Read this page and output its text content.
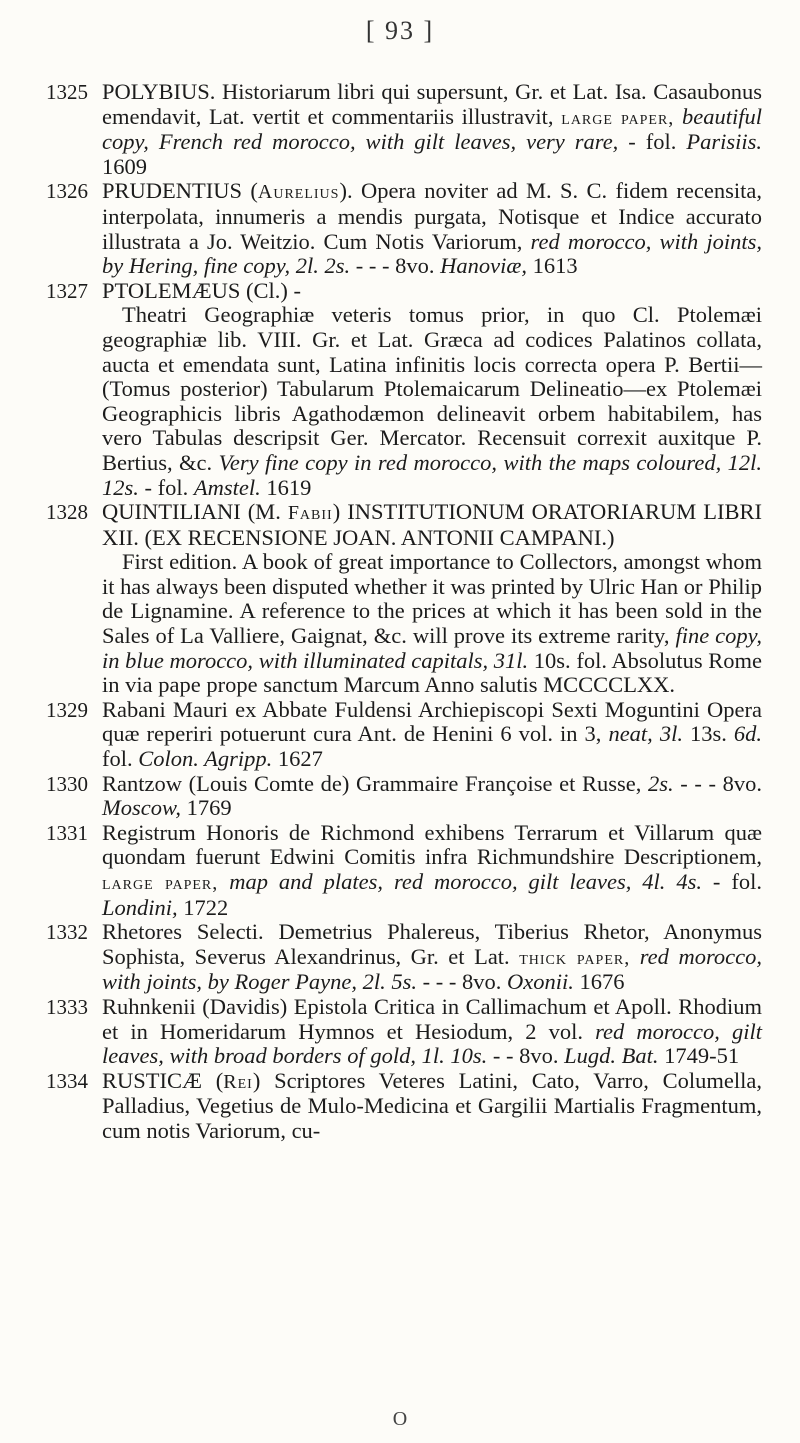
[ 93 ]
1325 POLYBIUS. Historiarum libri qui supersunt, Gr. et Lat. Isa. Casaubonus emendavit, Lat. vertit et commentariis illustravit, large paper, beautiful copy, French red morocco, with gilt leaves, very rare, - fol. Parisiis. 1609
1326 PRUDENTIUS (Aurelius). Opera noviter ad M. S. C. fidem recensita, interpolata, innumeris a mendis purgata, Notisque et Indice accurato illustrata a Jo. Weitzio. Cum Notis Variorum, red morocco, with joints, by Hering, fine copy, 2l. 2s. - - - 8vo. Hanoviæ, 1613
1327 PTOLEMÆUS (Cl.) -
Theatri Geographiæ veteris tomus prior, in quo Cl. Ptolemæi geographiæ lib. VIII. Gr. et Lat. Græca ad codices Palatinos collata, aucta et emendata sunt, Latina infinitis locis correcta opera P. Bertii—(Tomus posterior) Tabularum Ptolemaicarum Delineatio—ex Ptolemæi Geographicis libris Agathodæmon delineavit orbem habitabilem, has vero Tabulas descripsit Ger. Mercator. Recensuit correxit auxitque P. Bertius, &c. Very fine copy in red morocco, with the maps coloured, 12l. 12s. - fol. Amstel. 1619
1328 QUINTILIANI (M. Fabii) INSTITUTIONUM ORATORIARUM LIBRI XII. (EX RECENSIONE JOAN. ANTONII CAMPANI.)
First edition. A book of great importance to Collectors, amongst whom it has always been disputed whether it was printed by Ulric Han or Philip de Lignamine. A reference to the prices at which it has been sold in the Sales of La Valliere, Gaignat, &c. will prove its extreme rarity, fine copy, in blue morocco, with illuminated capitals, 31l. 10s. fol. Absolutus Rome in via pape prope sanctum Marcum Anno salutis MCCCCLXX.
1329 Rabani Mauri ex Abbate Fuldensi Archiepiscopi Sexti Moguntini Opera quæ reperiri potuerunt cura Ant. de Henini 6 vol. in 3, neat, 3l. 13s. 6d. fol. Colon. Agripp. 1627
1330 Rantzow (Louis Comte de) Grammaire Françoise et Russe, 2s. - - - 8vo. Moscow, 1769
1331 Registrum Honoris de Richmond exhibens Terrarum et Villarum quæ quondam fuerunt Edwini Comitis infra Richmundshire Descriptionem, large paper, map and plates, red morocco, gilt leaves, 4l. 4s. - fol. Londini, 1722
1332 Rhetores Selecti. Demetrius Phalereus, Tiberius Rhetor, Anonymus Sophista, Severus Alexandrinus, Gr. et Lat. thick paper, red morocco, with joints, by Roger Payne, 2l. 5s. - - - 8vo. Oxonii. 1676
1333 Ruhnkenii (Davidis) Epistola Critica in Callimachum et Apoll. Rhodium et in Homeridarum Hymnos et Hesiodum, 2 vol. red morocco, gilt leaves, with broad borders of gold, 1l. 10s. - - 8vo. Lugd. Bat. 1749-51
1334 RUSTICÆ (Rei) Scriptores Veteres Latini, Cato, Varro, Columella, Palladius, Vegetius de Mulo-Medicina et Gargilii Martialis Fragmentum, cum notis Variorum, cu-
O
